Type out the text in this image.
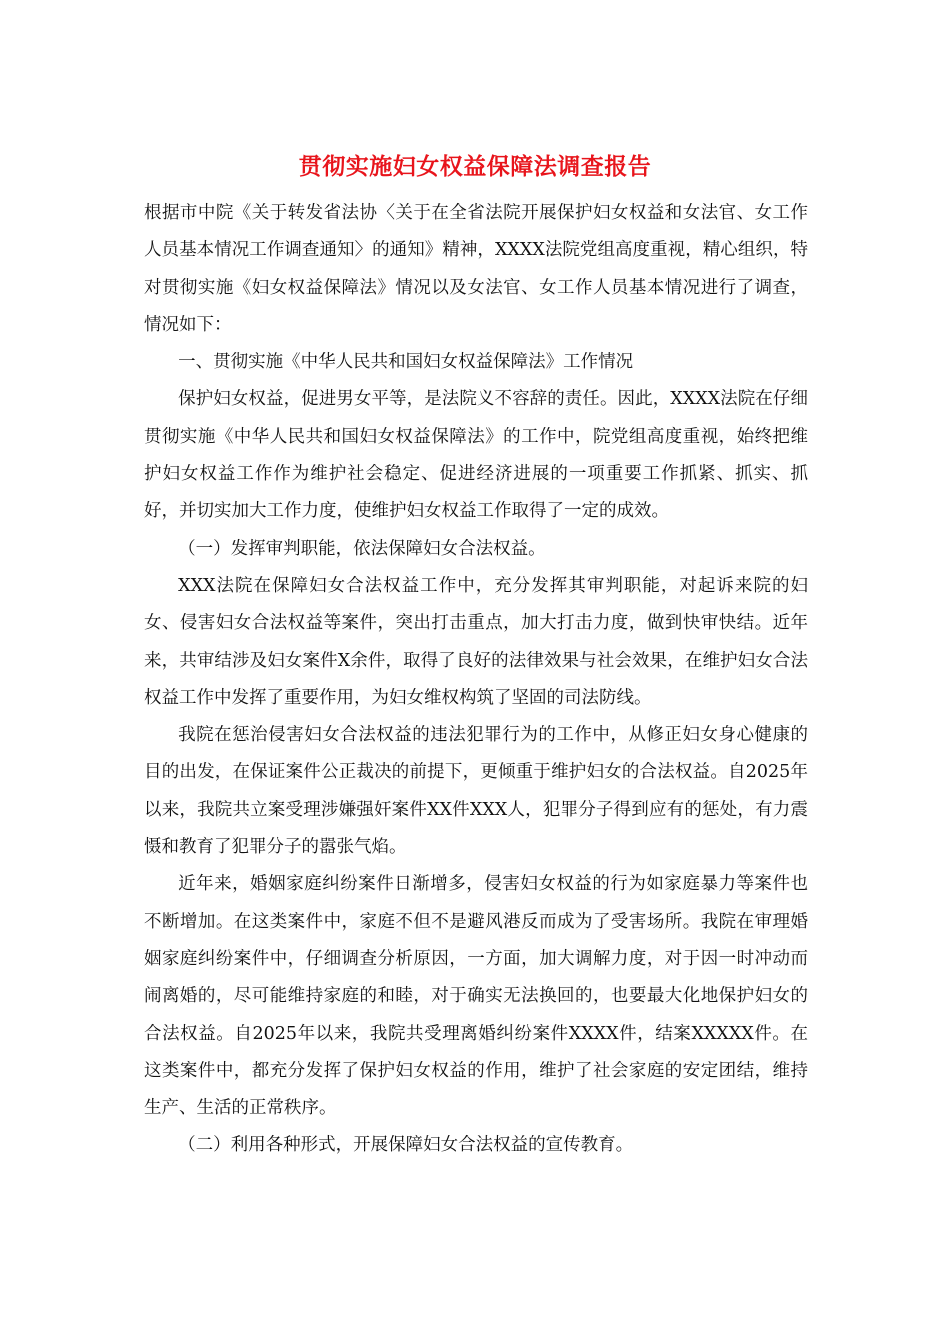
贯彻实施妇女权益保障法调查报告

根据市中院《关于转发省法协〈关于在全省法院开展保护妇女权益和女法官、女工作人员基本情况工作调查通知〉的通知》精神，XXXX法院党组高度重视，精心组织，特对贯彻实施《妇女权益保障法》情况以及女法官、女工作人员基本情况进行了调查，情况如下：

一、贯彻实施《中华人民共和国妇女权益保障法》工作情况

保护妇女权益，促进男女平等，是法院义不容辞的责任。因此，XXXX法院在仔细贯彻实施《中华人民共和国妇女权益保障法》的工作中，院党组高度重视，始终把维护妇女权益工作作为维护社会稳定、促进经济进展的一项重要工作抓紧、抓实、抓好，并切实加大工作力度，使维护妇女权益工作取得了一定的成效。

（一）发挥审判职能，依法保障妇女合法权益。

XXX法院在保障妇女合法权益工作中，充分发挥其审判职能，对起诉来院的妇女、侵害妇女合法权益等案件，突出打击重点，加大打击力度，做到快审快结。近年来，共审结涉及妇女案件X余件，取得了良好的法律效果与社会效果，在维护妇女合法权益工作中发挥了重要作用，为妇女维权构筑了坚固的司法防线。

我院在惩治侵害妇女合法权益的违法犯罪行为的工作中，从修正妇女身心健康的目的出发，在保证案件公正裁决的前提下，更倾重于维护妇女的合法权益。自2025年以来，我院共立案受理涉嫌强奸案件XX件XXX人，犯罪分子得到应有的惩处，有力震慑和教育了犯罪分子的嚣张气焰。

近年来，婚姻家庭纠纷案件日渐增多，侵害妇女权益的行为如家庭暴力等案件也不断增加。在这类案件中，家庭不但不是避风港反而成为了受害场所。我院在审理婚姻家庭纠纷案件中，仔细调查分析原因，一方面，加大调解力度，对于因一时冲动而闹离婚的，尽可能维持家庭的和睦，对于确实无法换回的，也要最大化地保护妇女的合法权益。自2025年以来，我院共受理离婚纠纷案件XXXX件，结案XXXXX件。在这类案件中，都充分发挥了保护妇女权益的作用，维护了社会家庭的安定团结，维持生产、生活的正常秩序。

（二）利用各种形式，开展保障妇女合法权益的宣传教育。
